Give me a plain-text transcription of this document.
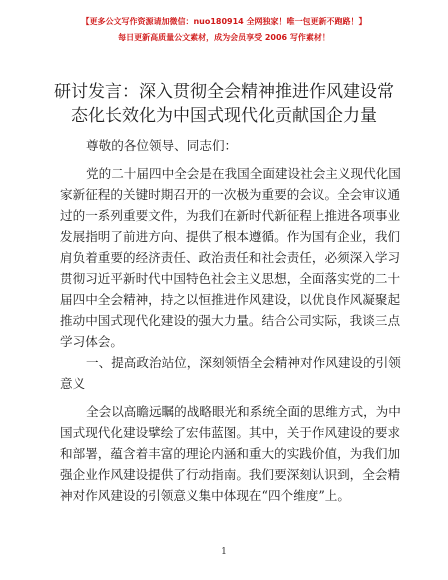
【更多公文写作资源请加微信：nuo180914 全网独家！唯一包更新不跑路！】
每日更新高质量公文素材，成为会员享受 2006 写作素材！
研讨发言：深入贯彻全会精神推进作风建设常
态化长效化为中国式现代化贡献国企力量
尊敬的各位领导、同志们：
党的二十届四中全会是在我国全面建设社会主义现代化国
家新征程的关键时期召开的一次极为重要的会议。全会审议通
过的一系列重要文件，为我们在新时代新征程上推进各项事业
发展指明了前进方向、提供了根本遵循。作为国有企业，我们
肩负着重要的经济责任、政治责任和社会责任，必须深入学习
贯彻习近平新时代中国特色社会主义思想，全面落实党的二十
届四中全会精神，持之以恒推进作风建设，以优良作风凝聚起
推动中国式现代化建设的强大力量。结合公司实际，我谈三点
学习体会。
一、提高政治站位，深刻领悟全会精神对作风建设的引领
意义
全会以高瞻远瞩的战略眼光和系统全面的思维方式，为中
国式现代化建设擘绘了宏伟蓝图。其中，关于作风建设的要求
和部署，蕴含着丰富的理论内涵和重大的实践价值，为我们加
强企业作风建设提供了行动指南。我们要深刻认识到，全会精
神对作风建设的引领意义集中体现在“四个维度”上。
1
